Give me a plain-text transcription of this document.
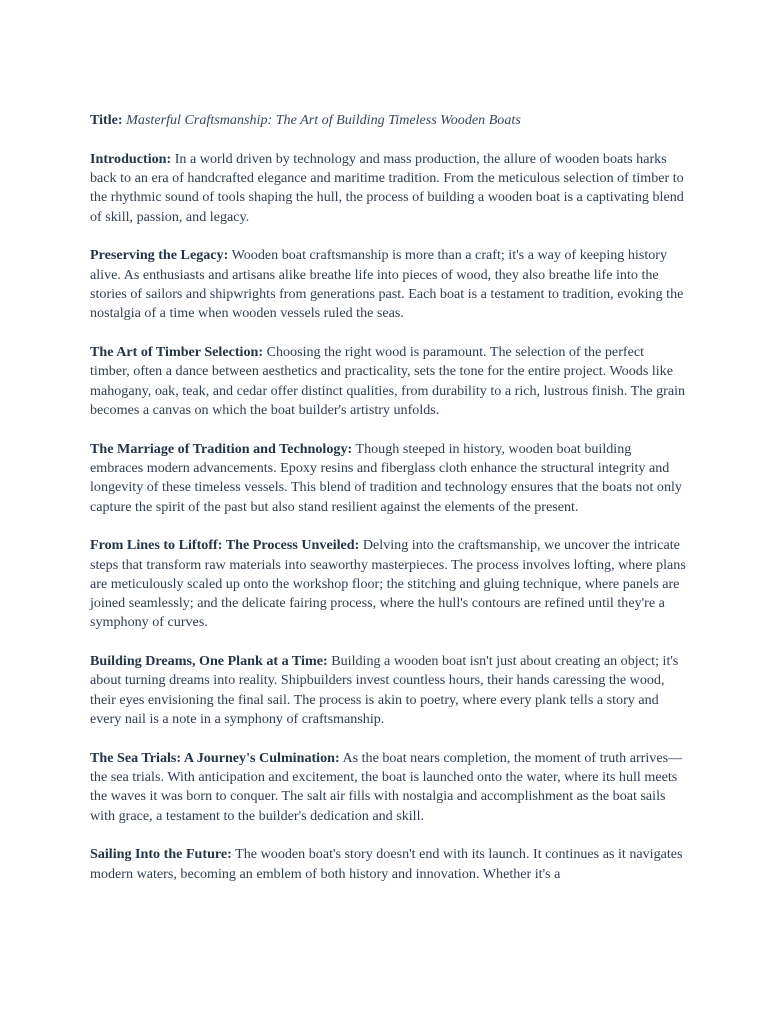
Title: Masterful Craftsmanship: The Art of Building Timeless Wooden Boats

Introduction: In a world driven by technology and mass production, the allure of wooden boats harks back to an era of handcrafted elegance and maritime tradition. From the meticulous selection of timber to the rhythmic sound of tools shaping the hull, the process of building a wooden boat is a captivating blend of skill, passion, and legacy.

Preserving the Legacy: Wooden boat craftsmanship is more than a craft; it's a way of keeping history alive. As enthusiasts and artisans alike breathe life into pieces of wood, they also breathe life into the stories of sailors and shipwrights from generations past. Each boat is a testament to tradition, evoking the nostalgia of a time when wooden vessels ruled the seas.

The Art of Timber Selection: Choosing the right wood is paramount. The selection of the perfect timber, often a dance between aesthetics and practicality, sets the tone for the entire project. Woods like mahogany, oak, teak, and cedar offer distinct qualities, from durability to a rich, lustrous finish. The grain becomes a canvas on which the boat builder's artistry unfolds.

The Marriage of Tradition and Technology: Though steeped in history, wooden boat building embraces modern advancements. Epoxy resins and fiberglass cloth enhance the structural integrity and longevity of these timeless vessels. This blend of tradition and technology ensures that the boats not only capture the spirit of the past but also stand resilient against the elements of the present.

From Lines to Liftoff: The Process Unveiled: Delving into the craftsmanship, we uncover the intricate steps that transform raw materials into seaworthy masterpieces. The process involves lofting, where plans are meticulously scaled up onto the workshop floor; the stitching and gluing technique, where panels are joined seamlessly; and the delicate fairing process, where the hull's contours are refined until they're a symphony of curves.

Building Dreams, One Plank at a Time: Building a wooden boat isn't just about creating an object; it's about turning dreams into reality. Shipbuilders invest countless hours, their hands caressing the wood, their eyes envisioning the final sail. The process is akin to poetry, where every plank tells a story and every nail is a note in a symphony of craftsmanship.

The Sea Trials: A Journey's Culmination: As the boat nears completion, the moment of truth arrives—the sea trials. With anticipation and excitement, the boat is launched onto the water, where its hull meets the waves it was born to conquer. The salt air fills with nostalgia and accomplishment as the boat sails with grace, a testament to the builder's dedication and skill.

Sailing Into the Future: The wooden boat's story doesn't end with its launch. It continues as it navigates modern waters, becoming an emblem of both history and innovation. Whether it's a
